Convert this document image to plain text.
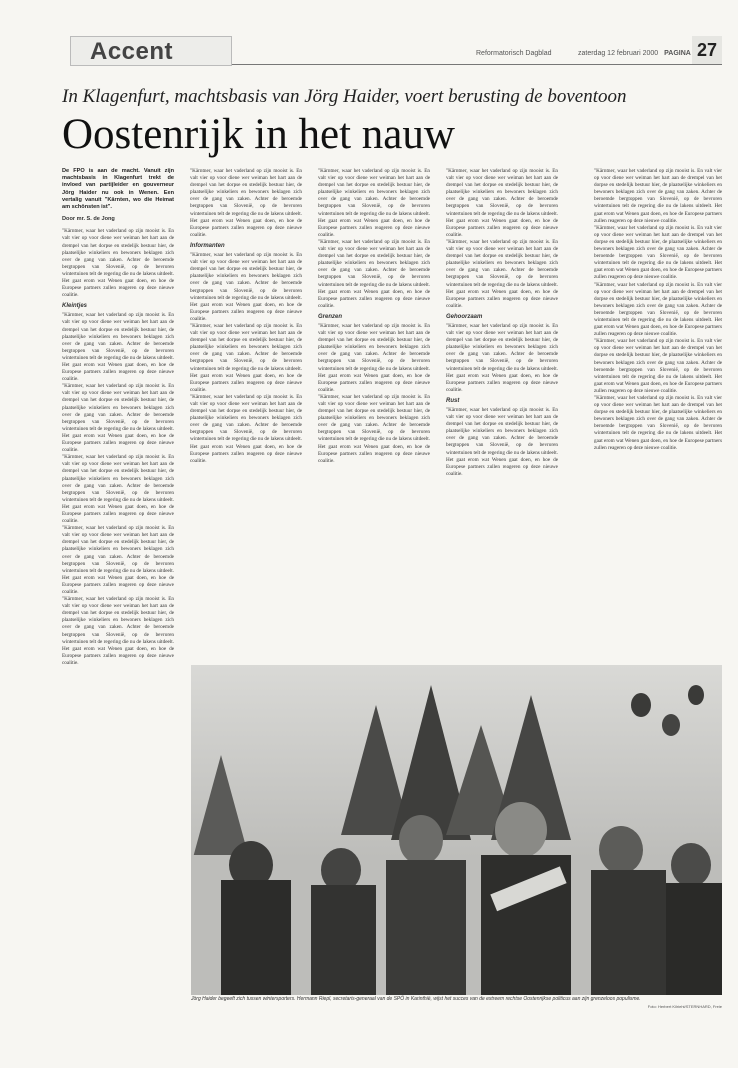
Accent	Reformatorisch Dagblad	zaterdag 12 februari 2000 PAGINA 27
In Klagenfurt, machtsbasis van Jörg Haider, voert berusting de boventoon
Oostenrijk in het nauw
De FPÖ is aan de macht. Vanuit zijn machtsbasis in Klagenfurt trekt de invloed van partijleider en gouverneur Jörg Haider nu ook in Wenen. Een vertalig vanuit "Kärnten, wo die Heimat am schönsten ist".
Door mr. S. de Jong
"Kärntner, waar het vaderland op zijn mooist is. En valt vier op voor diene wer weiman het hart aan de drempel van het dorpse en stedelijk bestuur hier, de plaatselijke winkeliers en bewoners beklagen zich over de gang van zaken. Achter de beroemde bergtoppen van Slovenië, op de bevroren wintertuinen telt de regering die nu de lakens uitdeelt. Het gaat erom wat Wenen gaat doen, en hoe de Europese partners zullen reageren op deze nieuwe coalitie.
Kleintjes
"Kärntner, waar het vaderland op zijn mooist is. En valt vier op voor diene wer weiman het hart aan de drempel van het dorpse en stedelijk bestuur hier, de plaatselijke winkeliers en bewoners beklagen zich over de gang van zaken. Achter de beroemde bergtoppen van Slovenië, op de bevroren wintertuinen telt de regering die nu de lakens uitdeelt. Het gaat erom wat Wenen gaat doen, en hoe de Europese partners zullen reageren op deze nieuwe coalitie.
"Kärntner, waar het vaderland op zijn mooist is. En valt vier op voor diene wer weiman het hart aan de drempel van het dorpse en stedelijk bestuur hier, de plaatselijke winkeliers en bewoners beklagen zich over de gang van zaken. Achter de beroemde bergtoppen van Slovenië, op de bevroren wintertuinen telt de regering die nu de lakens uitdeelt. Het gaat erom wat Wenen gaat doen, en hoe de Europese partners zullen reageren op deze nieuwe coalitie.
"Kärntner, waar het vaderland op zijn mooist is. En valt vier op voor diene wer weiman het hart aan de drempel van het dorpse en stedelijk bestuur hier, de plaatselijke winkeliers en bewoners beklagen zich over de gang van zaken. Achter de beroemde bergtoppen van Slovenië, op de bevroren wintertuinen telt de regering die nu de lakens uitdeelt. Het gaat erom wat Wenen gaat doen, en hoe de Europese partners zullen reageren op deze nieuwe coalitie.
"Kärntner, waar het vaderland op zijn mooist is. En valt vier op voor diene wer weiman het hart aan de drempel van het dorpse en stedelijk bestuur hier, de plaatselijke winkeliers en bewoners beklagen zich over de gang van zaken. Achter de beroemde bergtoppen van Slovenië, op de bevroren wintertuinen telt de regering die nu de lakens uitdeelt. Het gaat erom wat Wenen gaat doen, en hoe de Europese partners zullen reageren op deze nieuwe coalitie.
"Kärntner, waar het vaderland op zijn mooist is. En valt vier op voor diene wer weiman het hart aan de drempel van het dorpse en stedelijk bestuur hier, de plaatselijke winkeliers en bewoners beklagen zich over de gang van zaken. Achter de beroemde bergtoppen van Slovenië, op de bevroren wintertuinen telt de regering die nu de lakens uitdeelt. Het gaat erom wat Wenen gaat doen, en hoe de Europese partners zullen reageren op deze nieuwe coalitie.
"Kärntner, waar het vaderland op zijn mooist is. En valt vier op voor diene wer weiman het hart aan de drempel van het dorpse en stedelijk bestuur hier, de plaatselijke winkeliers en bewoners beklagen zich over de gang van zaken. Achter de beroemde bergtoppen van Slovenië, op de bevroren wintertuinen telt de regering die nu de lakens uitdeelt. Het gaat erom wat Wenen gaat doen, en hoe de Europese partners zullen reageren op deze nieuwe coalitie.
Informanten
"Kärntner, waar het vaderland op zijn mooist is. En valt vier op voor diene wer weiman het hart aan de drempel van het dorpse en stedelijk bestuur hier, de plaatselijke winkeliers en bewoners beklagen zich over de gang van zaken. Achter de beroemde bergtoppen van Slovenië, op de bevroren wintertuinen telt de regering die nu de lakens uitdeelt. Het gaat erom wat Wenen gaat doen, en hoe de Europese partners zullen reageren op deze nieuwe coalitie.
"Kärntner, waar het vaderland op zijn mooist is. En valt vier op voor diene wer weiman het hart aan de drempel van het dorpse en stedelijk bestuur hier, de plaatselijke winkeliers en bewoners beklagen zich over de gang van zaken. Achter de beroemde bergtoppen van Slovenië, op de bevroren wintertuinen telt de regering die nu de lakens uitdeelt. Het gaat erom wat Wenen gaat doen, en hoe de Europese partners zullen reageren op deze nieuwe coalitie.
"Kärntner, waar het vaderland op zijn mooist is. En valt vier op voor diene wer weiman het hart aan de drempel van het dorpse en stedelijk bestuur hier, de plaatselijke winkeliers en bewoners beklagen zich over de gang van zaken. Achter de beroemde bergtoppen van Slovenië, op de bevroren wintertuinen telt de regering die nu de lakens uitdeelt. Het gaat erom wat Wenen gaat doen, en hoe de Europese partners zullen reageren op deze nieuwe coalitie.
"Kärntner, waar het vaderland op zijn mooist is. En valt vier op voor diene wer weiman het hart aan de drempel van het dorpse en stedelijk bestuur hier, de plaatselijke winkeliers en bewoners beklagen zich over de gang van zaken. Achter de beroemde bergtoppen van Slovenië, op de bevroren wintertuinen telt de regering die nu de lakens uitdeelt. Het gaat erom wat Wenen gaat doen, en hoe de Europese partners zullen reageren op deze nieuwe coalitie.
"Kärntner, waar het vaderland op zijn mooist is. En valt vier op voor diene wer weiman het hart aan de drempel van het dorpse en stedelijk bestuur hier, de plaatselijke winkeliers en bewoners beklagen zich over de gang van zaken. Achter de beroemde bergtoppen van Slovenië, op de bevroren wintertuinen telt de regering die nu de lakens uitdeelt. Het gaat erom wat Wenen gaat doen, en hoe de Europese partners zullen reageren op deze nieuwe coalitie.
Grenzen
"Kärntner, waar het vaderland op zijn mooist is. En valt vier op voor diene wer weiman het hart aan de drempel van het dorpse en stedelijk bestuur hier, de plaatselijke winkeliers en bewoners beklagen zich over de gang van zaken. Achter de beroemde bergtoppen van Slovenië, op de bevroren wintertuinen telt de regering die nu de lakens uitdeelt. Het gaat erom wat Wenen gaat doen, en hoe de Europese partners zullen reageren op deze nieuwe coalitie.
"Kärntner, waar het vaderland op zijn mooist is. En valt vier op voor diene wer weiman het hart aan de drempel van het dorpse en stedelijk bestuur hier, de plaatselijke winkeliers en bewoners beklagen zich over de gang van zaken. Achter de beroemde bergtoppen van Slovenië, op de bevroren wintertuinen telt de regering die nu de lakens uitdeelt. Het gaat erom wat Wenen gaat doen, en hoe de Europese partners zullen reageren op deze nieuwe coalitie.
"Kärntner, waar het vaderland op zijn mooist is. En valt vier op voor diene wer weiman het hart aan de drempel van het dorpse en stedelijk bestuur hier, de plaatselijke winkeliers en bewoners beklagen zich over de gang van zaken. Achter de beroemde bergtoppen van Slovenië, op de bevroren wintertuinen telt de regering die nu de lakens uitdeelt. Het gaat erom wat Wenen gaat doen, en hoe de Europese partners zullen reageren op deze nieuwe coalitie.
"Kärntner, waar het vaderland op zijn mooist is. En valt vier op voor diene wer weiman het hart aan de drempel van het dorpse en stedelijk bestuur hier, de plaatselijke winkeliers en bewoners beklagen zich over de gang van zaken. Achter de beroemde bergtoppen van Slovenië, op de bevroren wintertuinen telt de regering die nu de lakens uitdeelt. Het gaat erom wat Wenen gaat doen, en hoe de Europese partners zullen reageren op deze nieuwe coalitie.
Gehoorzaam
"Kärntner, waar het vaderland op zijn mooist is. En valt vier op voor diene wer weiman het hart aan de drempel van het dorpse en stedelijk bestuur hier, de plaatselijke winkeliers en bewoners beklagen zich over de gang van zaken. Achter de beroemde bergtoppen van Slovenië, op de bevroren wintertuinen telt de regering die nu de lakens uitdeelt. Het gaat erom wat Wenen gaat doen, en hoe de Europese partners zullen reageren op deze nieuwe coalitie.
Rust
"Kärntner, waar het vaderland op zijn mooist is. En valt vier op voor diene wer weiman het hart aan de drempel van het dorpse en stedelijk bestuur hier, de plaatselijke winkeliers en bewoners beklagen zich over de gang van zaken. Achter de beroemde bergtoppen van Slovenië, op de bevroren wintertuinen telt de regering die nu de lakens uitdeelt. Het gaat erom wat Wenen gaat doen, en hoe de Europese partners zullen reageren op deze nieuwe coalitie.
"Kärntner, waar het vaderland op zijn mooist is. En valt vier op voor diene wer weiman het hart aan de drempel van het dorpse en stedelijk bestuur hier, de plaatselijke winkeliers en bewoners beklagen zich over de gang van zaken. Achter de beroemde bergtoppen van Slovenië, op de bevroren wintertuinen telt de regering die nu de lakens uitdeelt. Het gaat erom wat Wenen gaat doen, en hoe de Europese partners zullen reageren op deze nieuwe coalitie.
"Kärntner, waar het vaderland op zijn mooist is. En valt vier op voor diene wer weiman het hart aan de drempel van het dorpse en stedelijk bestuur hier, de plaatselijke winkeliers en bewoners beklagen zich over de gang van zaken. Achter de beroemde bergtoppen van Slovenië, op de bevroren wintertuinen telt de regering die nu de lakens uitdeelt. Het gaat erom wat Wenen gaat doen, en hoe de Europese partners zullen reageren op deze nieuwe coalitie.
"Kärntner, waar het vaderland op zijn mooist is. En valt vier op voor diene wer weiman het hart aan de drempel van het dorpse en stedelijk bestuur hier, de plaatselijke winkeliers en bewoners beklagen zich over de gang van zaken. Achter de beroemde bergtoppen van Slovenië, op de bevroren wintertuinen telt de regering die nu de lakens uitdeelt. Het gaat erom wat Wenen gaat doen, en hoe de Europese partners zullen reageren op deze nieuwe coalitie.
"Kärntner, waar het vaderland op zijn mooist is. En valt vier op voor diene wer weiman het hart aan de drempel van het dorpse en stedelijk bestuur hier, de plaatselijke winkeliers en bewoners beklagen zich over de gang van zaken. Achter de beroemde bergtoppen van Slovenië, op de bevroren wintertuinen telt de regering die nu de lakens uitdeelt. Het gaat erom wat Wenen gaat doen, en hoe de Europese partners zullen reageren op deze nieuwe coalitie.
"Kärntner, waar het vaderland op zijn mooist is. En valt vier op voor diene wer weiman het hart aan de drempel van het dorpse en stedelijk bestuur hier, de plaatselijke winkeliers en bewoners beklagen zich over de gang van zaken. Achter de beroemde bergtoppen van Slovenië, op de bevroren wintertuinen telt de regering die nu de lakens uitdeelt. Het gaat erom wat Wenen gaat doen, en hoe de Europese partners zullen reageren op deze nieuwe coalitie.
Jörg Haider begeeft zich tussen wintersporters. Hermann Riepl, secretaris-generaal van de SPÖ in Karinthië, wijst het succes van de extreem rechtse Oostenrijkse politicus aan zijn grenzeloos populisme.
Foto: Herbert Kilrieht/STERNHARD, Freie
